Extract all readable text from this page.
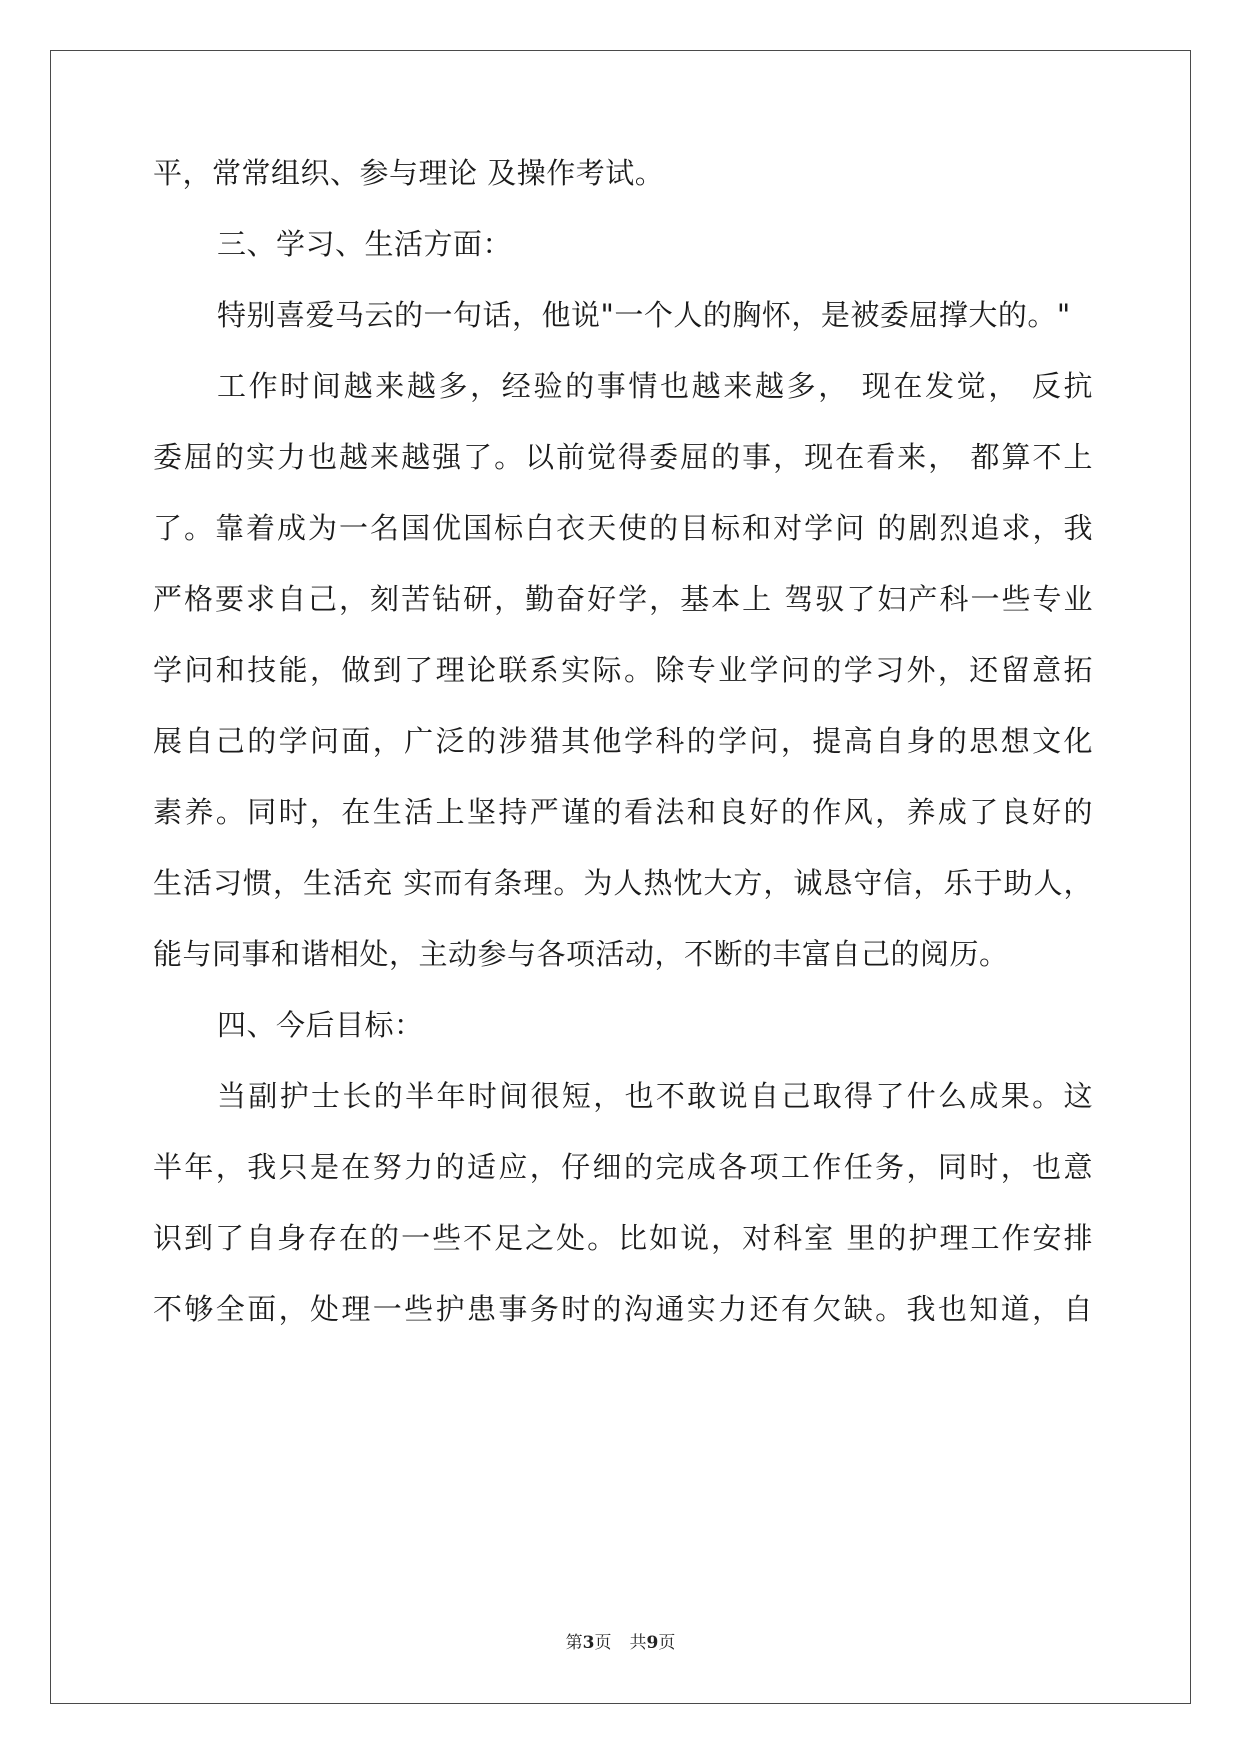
平，常常组织、参与理论 及操作考试。
三、学习、生活方面：
特别喜爱马云的一句话，他说"一个人的胸怀，是被委屈撑大的。"
工作时间越来越多，经验的事情也越来越多， 现在发觉， 反抗
委屈的实力也越来越强了。以前觉得委屈的事，现在看来， 都算不上
了。靠着成为一名国优国标白衣天使的目标和对学问 的剧烈追求，我
严格要求自己，刻苦钻研，勤奋好学，基本上 驾驭了妇产科一些专业
学问和技能，做到了理论联系实际。除专业学问的学习外，还留意拓
展自己的学问面，广泛的涉猎其他学科的学问，提高自身的思想文化
素养。同时，在生活上坚持严谨的看法和良好的作风，养成了良好的
生活习惯，生活充 实而有条理。为人热忱大方，诚恳守信，乐于助人，
能与同事和谐相处，主动参与各项活动，不断的丰富自己的阅历。
四、今后目标：
当副护士长的半年时间很短，也不敢说自己取得了什么成果。这
半年，我只是在努力的适应，仔细的完成各项工作任务，同时，也意
识到了自身存在的一些不足之处。比如说，对科室 里的护理工作安排
不够全面，处理一些护患事务时的沟通实力还有欠缺。我也知道，自
第3页 共9页
